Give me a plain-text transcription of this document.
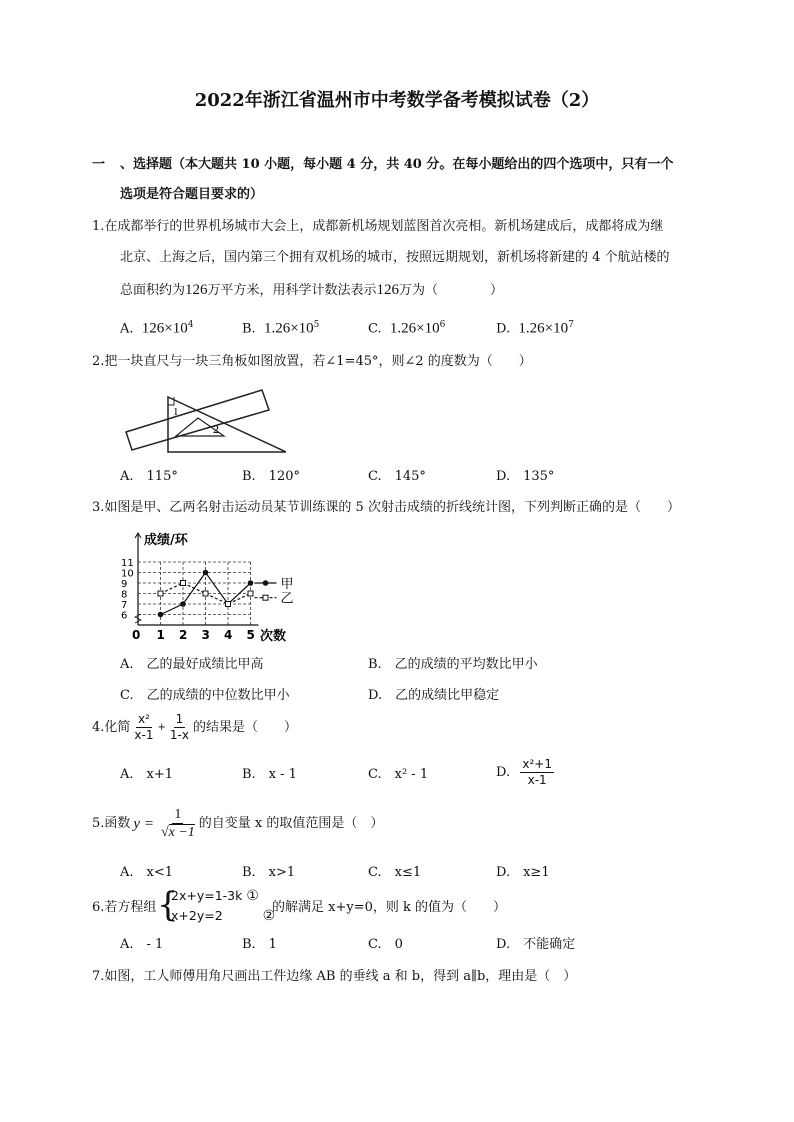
2022年浙江省温州市中考数学备考模拟试卷（2）
一 、选择题（本大题共 10 小题，每小题 4 分，共 40 分。在每小题给出的四个选项中，只有一个
选项是符合题目要求的）
1.在成都举行的世界机场城市大会上，成都新机场规划蓝图首次亮相。新机场建成后，成都将成为继
北京、上海之后，国内第三个拥有双机场的城市，按照远期规划，新机场将新建的 4 个航站楼的
总面积约为126万平方米，用科学计数法表示126万为（　　　　）
A. $126\times 10^4$	B. $1.26\times 10^5$	C. $1.26\times 10^6$	D. $1.26\times 10^7$
2.把一块直尺与一块三角板如图放置，若∠1=45°，则∠2 的度数为（　　）
1
2
A.　115°	B.　120°	C.　145°	D.　135°
3.如图是甲、乙两名射击运动员某节训练课的 5 次射击成绩的折线统计图，下列判断正确的是（　　）
成绩/环
次数
6
7
8
9
10
11
0 1 2 3 4 5
甲
乙
A.　乙的最好成绩比甲高	B.　乙的成绩的平均数比甲小
C.　乙的成绩的中位数比甲小	D.　乙的成绩比甲稳定
4.化简 $\frac{\text{x²}}{x-1} + \frac{1}{1-x}$ 的结果是（　　）
A.　x+1	B.　x - 1	C.　x² - 1	D.
$\frac{\text{x²+1}}{x-1}$
5.函数 $y = \frac{1}{√x -1}$ 的自变量 x 的取值范围是（　）
A.　x<1	B.　x>1	C.　x≤1	D.　x≥1
6.若方程组 {
2x+y=1-3k ①
x+2y=2	②
的解满足 x+y=0，则 k 的值为（　　）
A.　- 1	B.　1	C.　0	D.　不能确定
7.如图，工人师傅用角尺画出工件边缘 AB 的垂线 a 和 b，得到 a∥b，理由是（　）
